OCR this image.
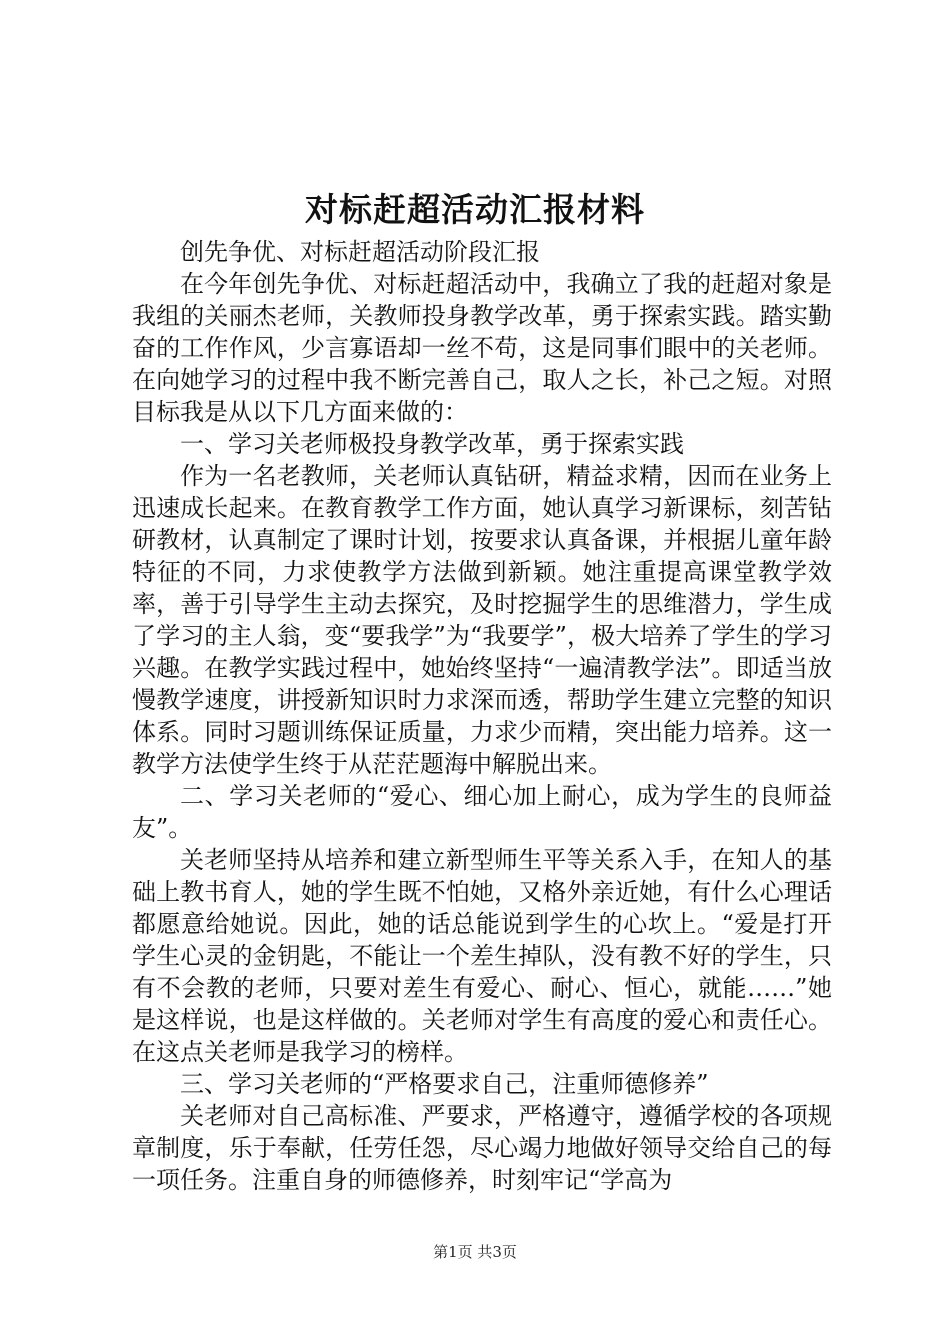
对标赶超活动汇报材料

创先争优、对标赶超活动阶段汇报

在今年创先争优、对标赶超活动中，我确立了我的赶超对象是我组的关丽杰老师，关教师投身教学改革，勇于探索实践。踏实勤奋的工作作风，少言寡语却一丝不苟，这是同事们眼中的关老师。在向她学习的过程中我不断完善自己，取人之长，补己之短。对照目标我是从以下几方面来做的：

一、学习关老师极投身教学改革，勇于探索实践

作为一名老教师，关老师认真钻研，精益求精，因而在业务上迅速成长起来。在教育教学工作方面，她认真学习新课标，刻苦钻研教材，认真制定了课时计划，按要求认真备课，并根据儿童年龄特征的不同，力求使教学方法做到新颖。她注重提高课堂教学效率，善于引导学生主动去探究，及时挖掘学生的思维潜力，学生成了学习的主人翁，变“要我学”为“我要学”，极大培养了学生的学习兴趣。在教学实践过程中，她始终坚持“一遍清教学法”。即适当放慢教学速度，讲授新知识时力求深而透，帮助学生建立完整的知识体系。同时习题训练保证质量，力求少而精，突出能力培养。这一教学方法使学生终于从茫茫题海中解脱出来。

二、学习关老师的“爱心、细心加上耐心，成为学生的良师益友”。

关老师坚持从培养和建立新型师生平等关系入手，在知人的基础上教书育人，她的学生既不怕她，又格外亲近她，有什么心理话都愿意给她说。因此，她的话总能说到学生的心坎上。“爱是打开学生心灵的金钥匙，不能让一个差生掉队，没有教不好的学生，只有不会教的老师，只要对差生有爱心、耐心、恒心，就能……”她是这样说，也是这样做的。关老师对学生有高度的爱心和责任心。在这点关老师是我学习的榜样。

三、学习关老师的“严格要求自己，注重师德修养”

关老师对自己高标准、严要求，严格遵守，遵循学校的各项规章制度，乐于奉献，任劳任怨，尽心竭力地做好领导交给自己的每一项任务。注重自身的师德修养，时刻牢记“学高为

第1页 共3页
